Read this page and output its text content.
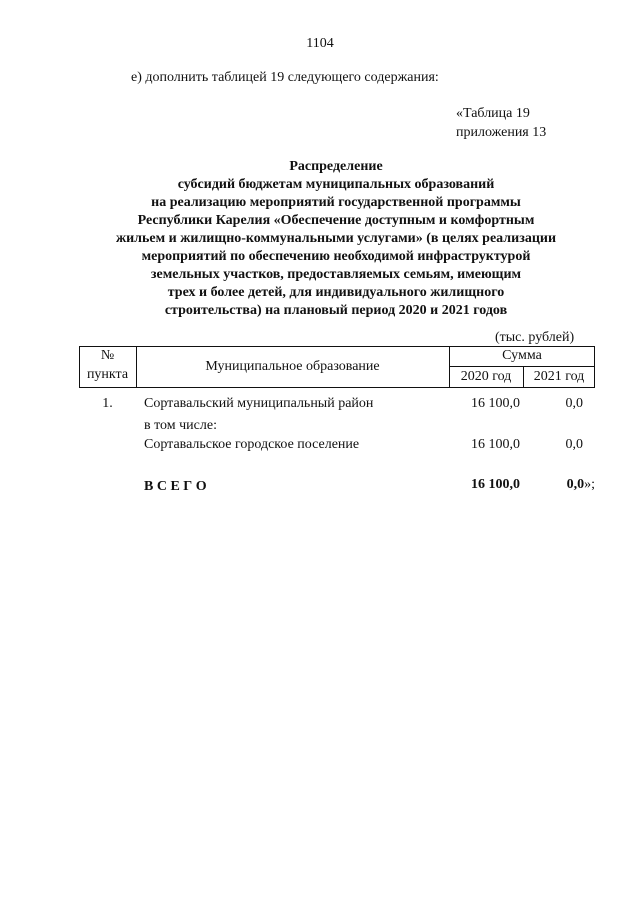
1104
е) дополнить таблицей 19 следующего содержания:
«Таблица 19
приложения 13
Распределение
субсидий бюджетам муниципальных образований
на реализацию мероприятий государственной программы
Республики Карелия «Обеспечение доступным и комфортным
жильем и жилищно-коммунальными услугами» (в целях реализации
мероприятий по обеспечению необходимой инфраструктурой
земельных участков, предоставляемых семьям, имеющим
трех и более детей, для индивидуального жилищного
строительства) на плановый период 2020 и 2021 годов
(тыс. рублей)
№
пункта
Муниципальное образование
Сумма
2020 год	2021 год
1.	Сортавальский муниципальный район	16 100,0	0,0
в том числе:
Сортавальское городское поселение	16 100,0	0,0
В С Е Г О	16 100,0	0,0»;
